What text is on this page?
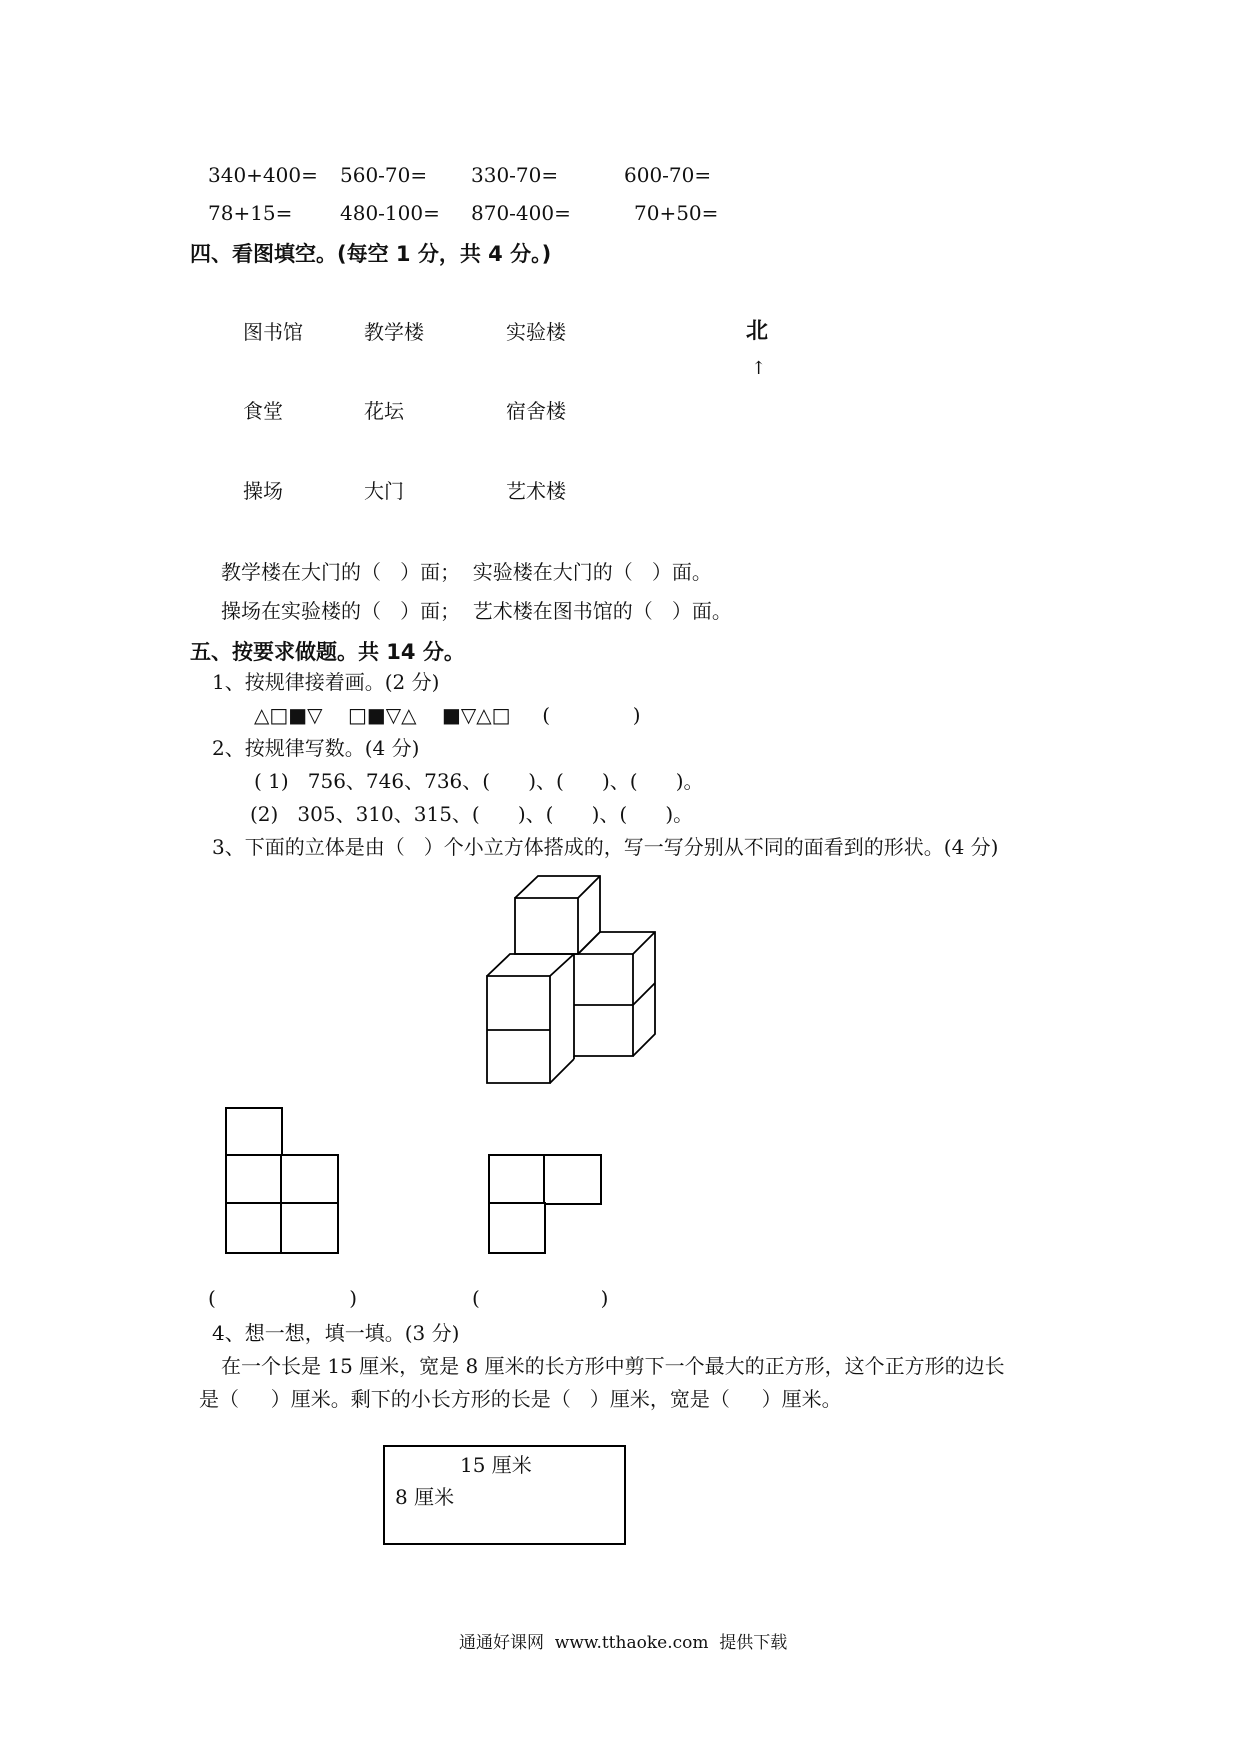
340+400= 560-70= 330-70=	600-70=
78+15= 480-100= 870-400=	70+50=
四、看图填空。(每空 1 分，共 4 分。)
图书馆	教学楼	实验楼
食堂	花坛	宿舍楼
操场	大门	艺术楼
北
↑
教学楼在大门的（   ）面；  实验楼在大门的（   ）面。
操场在实验楼的（   ）面；  艺术楼在图书馆的（   ）面。
五、按要求做题。共 14 分。
1、按规律接着画。(2 分)
△□■▽    □■▽△    ■▽△□     (             )
2、按规律写数。(4 分)
( 1)   756、746、736、(      )、(      )、(      )。
(2)   305、310、315、(      )、(      )、(      )。
3、下面的立体是由（   ）个小立方体搭成的，写一写分别从不同的面看到的形状。(4 分)
(                     )	(                   )
4、想一想，填一填。(3 分)
在一个长是 15 厘米，宽是 8 厘米的长方形中剪下一个最大的正方形，这个正方形的边长
是（     ）厘米。剩下的小长方形的长是（   ）厘米，宽是（     ）厘米。
15 厘米
8 厘米
通通好课网  www.tthaoke.com  提供下载
